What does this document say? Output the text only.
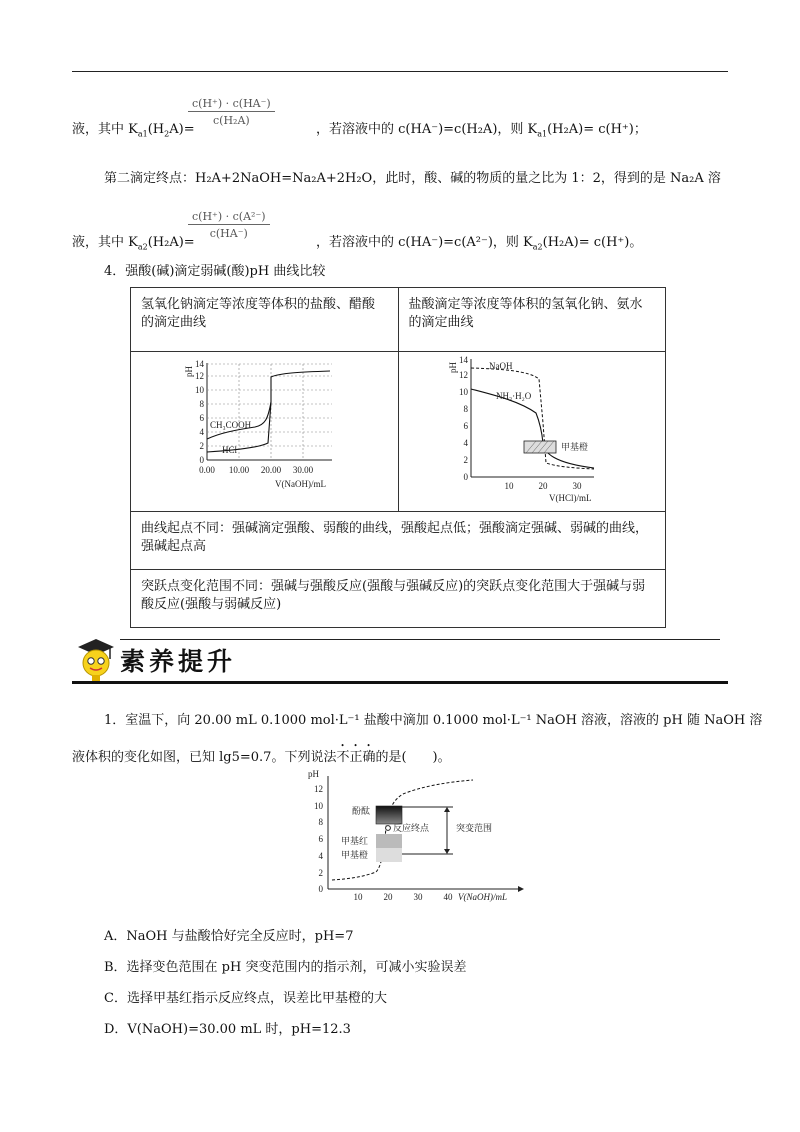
c(H⁺) · c(HA⁻)
c(H₂A)
液，其中 $K_{a1}(H_2A)=$	，若溶液中的 c(HA⁻)=c(H₂A)，则 $K_{a1}(H_2A)= c(H^+)$；
第二滴定终点：H₂A+2NaOH=Na₂A+2H₂O，此时，酸、碱的物质的量之比为 1：2，得到的是 Na₂A 溶
c(H⁺) · c(A²⁻)
c(HA⁻)
液，其中 $K_{a2}(H_2A)=$	，若溶液中的 c(HA⁻)=c(A²⁻)，则 $K_{a2}(H_2A)= c(H^+)$。
4．强酸(碱)滴定弱碱(酸)pH 曲线比较
氢氧化钠滴定等浓度等体积的盐酸、醋酸的滴定曲线	盐酸滴定等浓度等体积的氢氧化钠、氨水的滴定曲线

曲线起点不同：强碱滴定强酸、弱酸的曲线，强酸起点低；强酸滴定强碱、弱碱的曲线，强碱起点高	
突跃点变化范围不同：强碱与强酸反应(强酸与强碱反应)的突跃点变化范围大于强碱与弱酸反应(强酸与弱碱反应)	
pH
0
2
4
6
8
10
12
14
CH₃COOH
HCl
0.00 10.00 20.00 30.00
V(NaOH)/mL
pH
0
2
4
6
8
10
12
14
甲基橙
NaOH
NH₃·H₂O
10	20	30
V(HCl)/mL
素养提升
1．室温下，向 20.00 mL 0.1000 mol·L⁻¹ 盐酸中滴加 0.1000 mol·L⁻¹ NaOH 溶液，溶液的 pH 随 NaOH 溶
液体积的变化如图，已知 lg5=0.7。下列说法不正确的是(　　)。
pH
0
2
4
6
8
10
12
酚酞
反应终点	突变范围
甲基红
甲基橙
10 20 30 40 V(NaOH)/mL
A．NaOH 与盐酸恰好完全反应时，pH=7
B．选择变色范围在 pH 突变范围内的指示剂，可减小实验误差
C．选择甲基红指示反应终点，误差比甲基橙的大
D．V(NaOH)=30.00 mL 时，pH=12.3
